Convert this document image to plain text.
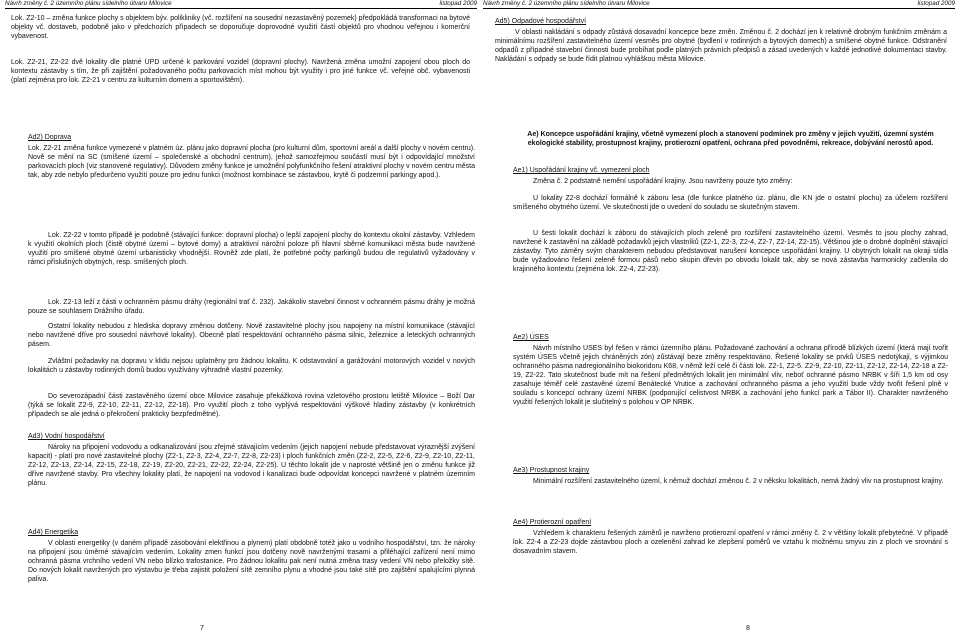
Návrh změny č. 2 územního plánu sídelního útvaru Milovice	listopad 2009 Návrh změny č. 2 územního plánu sídelního útvaru Milovice	listopad 2009

Lok. Z2-10 – změna funkce plochy s objektem býv. polikliniky (vč. rozšíření na sousední nezastavěný pozemek) předpokládá transformaci na bytové objekty vč. dostaveb, podobně jako v předchozích případech se doporučuje doprovodné využití částí objektů pro vhodnou veřejnou i komerční vybavenost.

Lok. Z2-21, Z2-22 dvě lokality dle platné ÚPD určené k parkování vozidel (dopravní plochy). Navržená změna umožní zapojení obou ploch do kontextu zástavby s tím, že při zajištění požadovaného počtu parkovacích míst mohou být využity i pro jiné funkce vč. veřejné obč. vybavenosti (platí zejména pro lok. Z2-21 v centru za kulturním domem a sportovištěm).

Ad2) Doprava

Lok. Z2-21 změna funkce vymezené v platném úz. plánu jako dopravní plocha (pro kulturní dům, sportovní areál a další plochy v novém centru). Nově se mění na SC (smíšené území – společenské a obchodní centrum), jehož samozřejmou součástí musí být i odpovídající množství parkovacích ploch (viz stanovené regulativy). Důvodem změny funkce je umožnění polyfunkčního řešení atraktivní plochy v novém centru města tak, aby zde nebylo předurčeno využití pouze pro jednu funkci (možnost kombinace se zástavbou, krytě či podzemní parkingy apod.).

Lok. Z2-22 v tomto případě je podobně (stávající funkce: dopravní plocha) o lepší zapojení plochy do kontextu okolní zástavby. Vzhledem k využití okolních ploch (čistě obytné území – bytové domy) a atraktivní nárožní poloze při hlavní sběrné komunikaci města bude navržené využití pro smíšené obytné území urbanisticky vhodnější. Rovněž zde platí, že potřebné počty parkingů budou dle regulativů vyžadovány v rámci příslušných obytných, resp. smíšených ploch.

Lok. Z2-13 leží z části v ochranném pásmu dráhy (regionální trať č. 232). Jakákoliv stavební činnost v ochranném pásmu dráhy je možná pouze se souhlasem Drážního úřadu.

Ostatní lokality nebudou z hlediska dopravy změnou dotčeny. Nově zastavitelné plochy jsou napojeny na místní komunikace (stávající nebo navržené dříve pro sousední návrhové lokality). Obecně platí respektování ochranného pásma silnic, železnice a leteckých ochranných pásem.

Zvláštní požadavky na dopravu v klidu nejsou uplatněny pro žádnou lokalitu. K odstavování a garážování motorových vozidel v nových lokalitách u zástavby rodinných domů budou využívány výhradně vlastní pozemky.

Do severozápadní části zastavěného území obce Milovice zasahuje překážková rovina vzletového prostoru letiště Milovice – Boží Dar (týká se lokalit Z2-9, Z2-10, Z2-11, Z2-12, Z2-18). Pro využití ploch z toho vyplývá respektování výškové hladiny zástavby (v konkrétních případech se ale jedná o překročení prakticky bezpředmětné).

Ad3) Vodní hospodářství

Nároky na připojení vodovodu a odkanalizování jsou zřejmé stávajícím vedením (jejich napojení nebude představovat výraznější zvýšení kapacit) - platí pro nové zastavitelné plochy (Z2-1, Z2-3, Z2-4, Z2-7, Z2-8, Z2-23) i ploch funkčních změn (Z2-2, Z2-5, Z2-6, Z2-9, Z2-10, Z2-11, Z2-12, Z2-13, Z2-14, Z2-15, Z2-18, Z2-19, Z2-20, Z2-21, Z2-22, Z2-24, Z2-25). U těchto lokalit jde v naprosté většině jen o změnu funkce již dříve navržené stavby. Pro všechny lokality platí, že napojení na vodovod i kanalizaci bude odpovídat koncepci navržené v platném územním plánu.

Ad4) Energetika

V oblasti energetiky (v daném případě zásobování elektřinou a plynem) platí obdobně totéž jako u vodního hospodářství, tzn. že nároky na připojení jsou úměrné stávajícím vedením. Lokality zmen funkcí jsou dotčeny nově navrženými trasami a přiléhající zařízení není mimo ochranná pásma vrchního vedení VN nebo blízko trafostanice. Pro žádnou lokalitu pak není nutná změna trasy vedení VN nebo přeložky sítě. Do nových lokalit navržených pro výstavbu je třeba zajistit položení sítě zemního plynu a vhodné jsou také sítě pro zajištění spalujícími plynná paliva.

Ad5) Odpadové hospodářství

V oblasti nakládání s odpady zůstává dosavadní koncepce beze změn. Změnou č. 2 dochází jen k relativně drobným funkčním změnám a minimálnímu rozšíření zastavitelného území vesměs pro obytné (bydlení v rodinných a bytových domech) a smíšené obytné funkce. Odstranění odpadů z případné stavební činnosti bude probíhat podle platných právních předpisů a zásad uvedených v každé jednotlivé dokumentaci stavby. Nakládání s odpady se bude řídit platnou vyhláškou města Milovice.

Ae) Koncepce uspořádání krajiny, včetně vymezení ploch a stanovení podmínek pro změny v jejich využití, územní systém ekologické stability, prostupnost krajiny, protierozní opatření, ochrana před povodněmi, rekreace, dobývání nerostů apod.

Ae1) Uspořádání krajiny vč. vymezení ploch

Změna č. 2 podstatně nemění uspořádání krajiny. Jsou navrženy pouze tyto změny:

U lokality Z2-8 dochází formálně k záboru lesa (dle funkce platného úz. plánu, dle KN jde o ostatní plochu) za účelem rozšíření smíšeného obytného území. Ve skutečnosti jde o uvedení do souladu se skutečným stavem.

U šesti lokalit dochází k záboru do stávajících ploch zeleně pro rozšíření zastavitelného území. Vesměs to jsou plochy zahrad, navržené k zastavění na základě požadavků jejich vlastníků (Z2-1, Z2-3, Z2-4, Z2-7, Z2-14, Z2-15). Většinou jde o drobné doplnění stávající zástavby. Tyto záměry svým charakterem nebudou představovat narušení koncepce uspořádání krajiny. U obytných lokalit na okraji sídla bude vyžadováno řešení zeleně formou pásů nebo skupin dřevin po obvodu lokalit tak, aby se nová zástavba harmonicky začlenila do krajinného kontextu (zejména lok. Z2-4, Z2-23).

Ae2) ÚSES

Návrh místního ÚSES byl řešen v rámci územního plánu. Požadované zachování a ochrana přírodě blízkých území (která mají tvořit systém ÚSES včetně jejich chráněných zón) zůstávají beze změny respektováno. Řešené lokality se prvků ÚSES nedotýkají, s výjimkou ochranného pásma nadregionálního biokoridoru K68, v němž leží celé či části lok. Z2-1, Z2-5. Z2-9, Z2-10, Z2-11, Z2-12, Z2-14, Z2-18 a Z2-19, Z2-22. Tato skutečnost bude mít na řešení předmětných lokalit jen minimální vliv, neboť ochranné pásmo NRBK v šíři 1,5 km od osy zasahuje téměř celé zastavěné území Benátecké Vrutice a zachování ochranného pásma a jeho využití bude vždy tvořit řešení plně v souladu s koncepcí ochrany území NRBK (podporující celistvost NRBK a zachování jeho funkcí park a Tábor II). Charakter navrženého využití řešených lokalit je slučitelný s polohou v OP NRBK.

Ae3) Prostupnost krajiny

Minimální rozšíření zastavitelného území, k němuž dochází změnou č. 2 v něksku lokalitách, nemá žádný vliv na prostupnost krajiny.

Ae4) Protierozní opatření

Vzhledem k charakteru řešených záměrů je navrženo protierozní opatření v rámci změny č. 2 v většiny lokalit přebytečné. V případě lok. Z2-4 a Z2-23 dojde zástavbou ploch a ozelenění zahrad ke zlepšení poměrů ve vztahu k možnému smyvu zin z ploch ve srovnání s dosavadním stavem.

7	8
